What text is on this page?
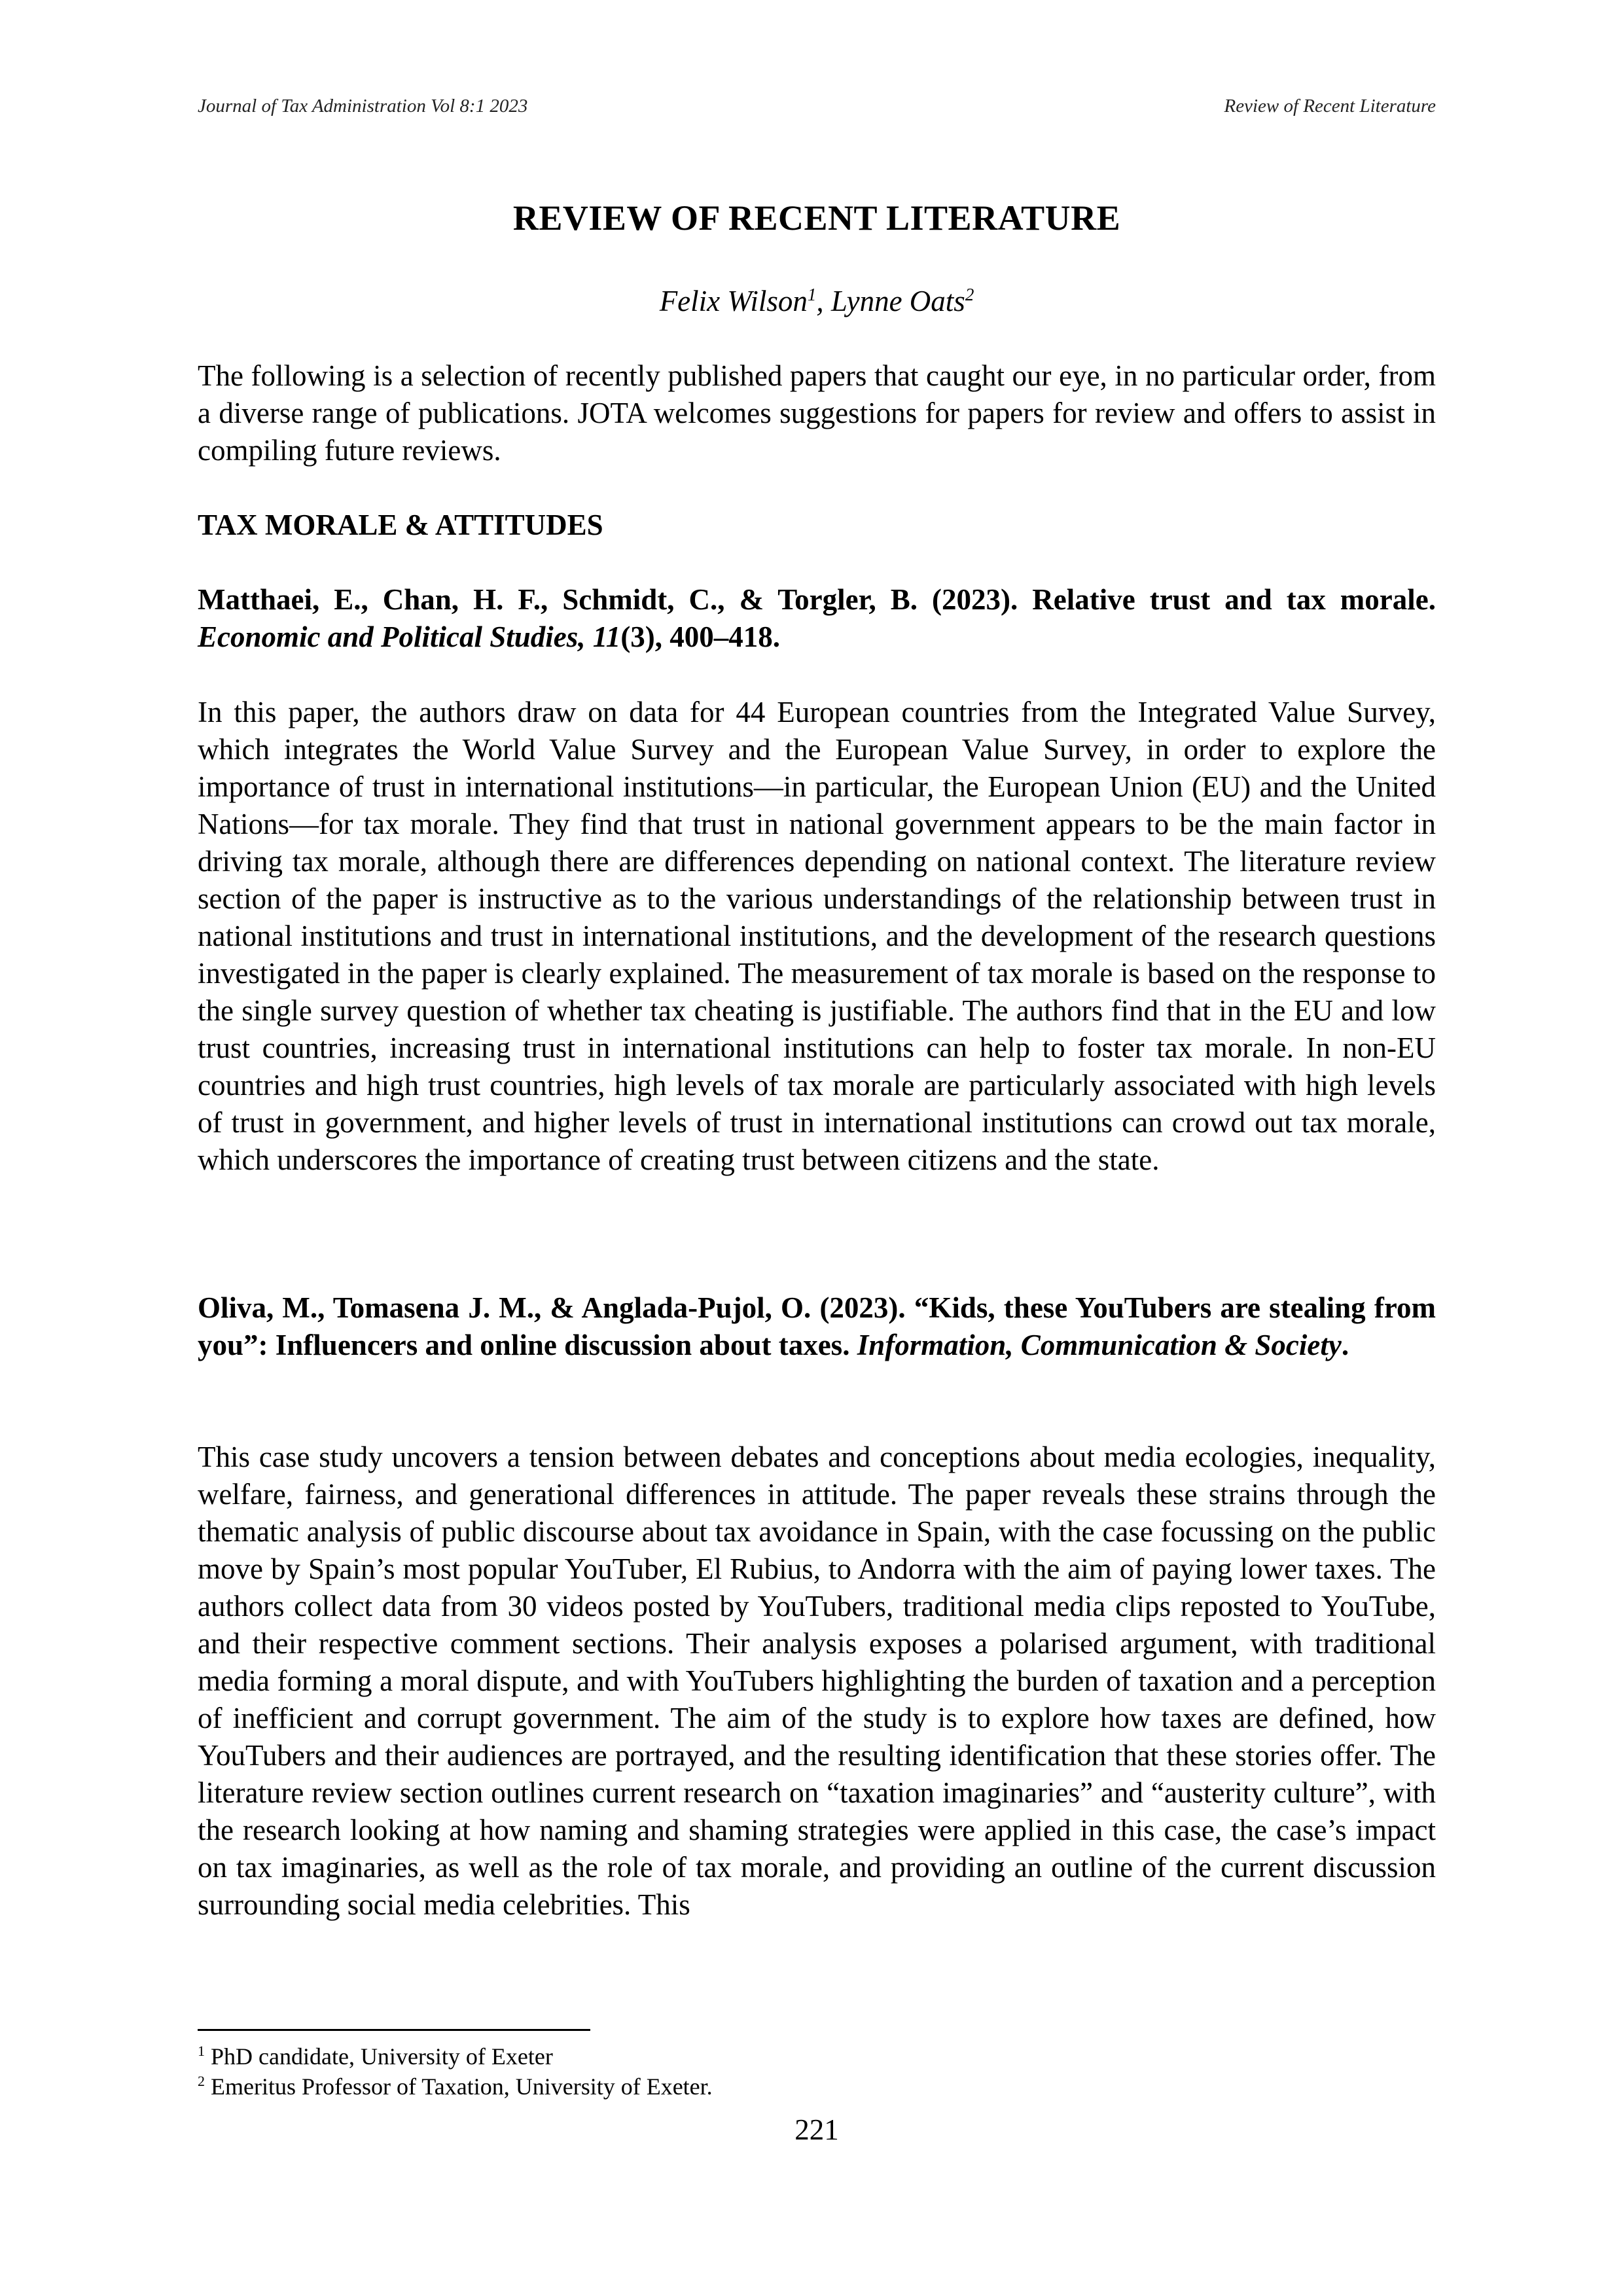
Journal of Tax Administration Vol 8:1 2023	Review of Recent Literature
REVIEW OF RECENT LITERATURE
Felix Wilson$^1$, Lynne Oats$^2$

The following is a selection of recently published papers that caught our eye, in no particular order, from a diverse range of publications. JOTA welcomes suggestions for papers for review and offers to assist in compiling future reviews.

TAX MORALE & ATTITUDES
Matthaei, E., Chan, H. F., Schmidt, C., & Torgler, B. (2023). Relative trust and tax morale. Economic and Political Studies, 11(3), 400–418.

In this paper, the authors draw on data for 44 European countries from the Integrated Value Survey, which integrates the World Value Survey and the European Value Survey, in order to explore the importance of trust in international institutions—in particular, the European Union (EU) and the United Nations—for tax morale. They find that trust in national government appears to be the main factor in driving tax morale, although there are differences depending on national context. The literature review section of the paper is instructive as to the various understandings of the relationship between trust in national institutions and trust in international institutions, and the development of the research questions investigated in the paper is clearly explained. The measurement of tax morale is based on the response to the single survey question of whether tax cheating is justifiable. The authors find that in the EU and low trust countries, increasing trust in international institutions can help to foster tax morale. In non-EU countries and high trust countries, high levels of tax morale are particularly associated with high levels of trust in government, and higher levels of trust in international institutions can crowd out tax morale, which underscores the importance of creating trust between citizens and the state.

Oliva, M., Tomasena J. M., & Anglada-Pujol, O. (2023). “Kids, these YouTubers are stealing from you”: Influencers and online discussion about taxes. Information, Communication & Society.

This case study uncovers a tension between debates and conceptions about media ecologies, inequality, welfare, fairness, and generational differences in attitude. The paper reveals these strains through the thematic analysis of public discourse about tax avoidance in Spain, with the case focussing on the public move by Spain’s most popular YouTuber, El Rubius, to Andorra with the aim of paying lower taxes. The authors collect data from 30 videos posted by YouTubers, traditional media clips reposted to YouTube, and their respective comment sections. Their analysis exposes a polarised argument, with traditional media forming a moral dispute, and with YouTubers highlighting the burden of taxation and a perception of inefficient and corrupt government. The aim of the study is to explore how taxes are defined, how YouTubers and their audiences are portrayed, and the resulting identification that these stories offer. The literature review section outlines current research on “taxation imaginaries” and “austerity culture”, with the research looking at how naming and shaming strategies were applied in this case, the case’s impact on tax imaginaries, as well as the role of tax morale, and providing an outline of the current discussion surrounding social media celebrities. This

$^1$ PhD candidate, University of Exeter
$^2$ Emeritus Professor of Taxation, University of Exeter.
221
